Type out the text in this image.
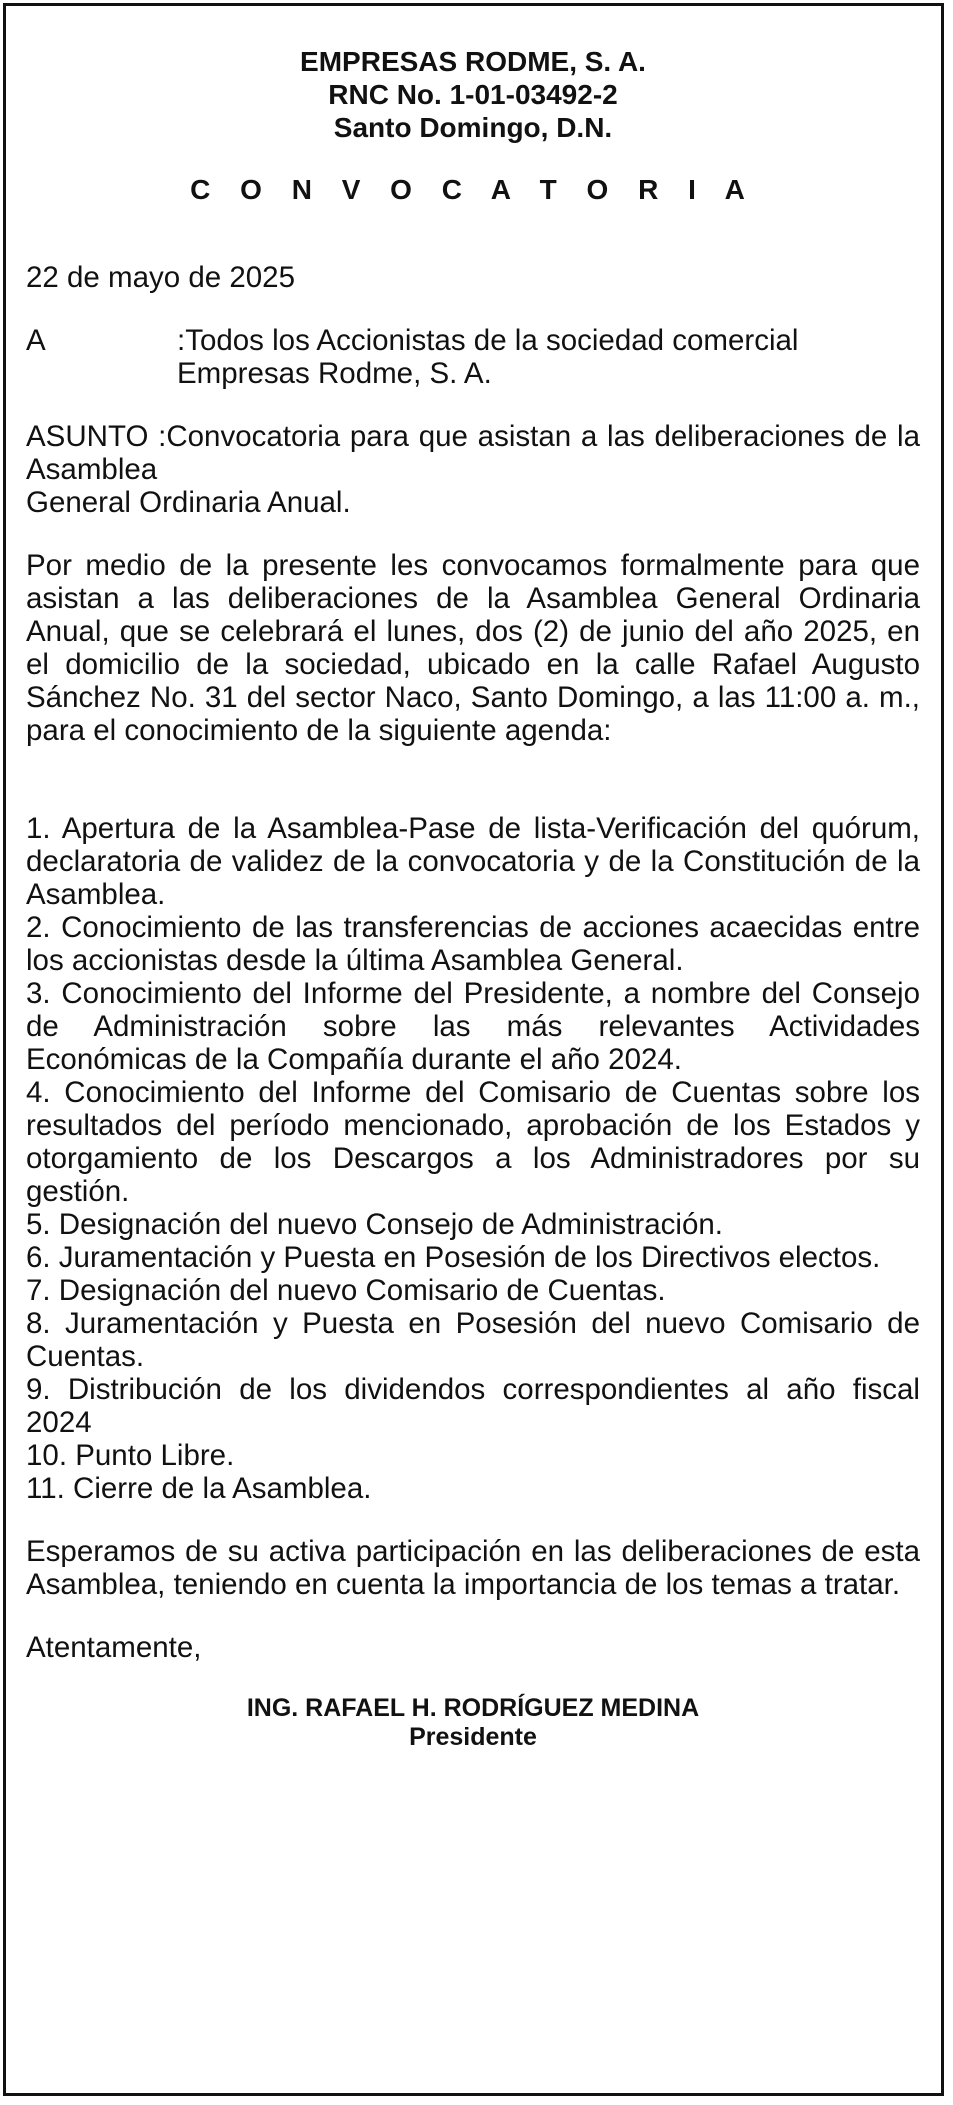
EMPRESAS RODME, S. A.
RNC No. 1-01-03492-2
Santo Domingo, D.N.
C O N V O C A T O R I A
22 de mayo de 2025
A	:Todos los Accionistas de la sociedad comercial
Empresas Rodme, S. A.
ASUNTO :Convocatoria para que asistan a las deliberaciones de la Asamblea
General Ordinaria Anual.
Por medio de la presente les convocamos formalmente para que asistan a las deliberaciones de la Asamblea General Ordinaria Anual, que se celebrará el lunes, dos (2) de junio del año 2025, en el domicilio de la sociedad, ubicado en la calle Rafael Augusto Sánchez No. 31 del sector Naco, Santo Domingo, a las 11:00 a. m., para el conocimiento de la siguiente agenda:
1. Apertura de la Asamblea-Pase de lista-Verificación del quórum, declaratoria de validez de la convocatoria y de la Constitución de la Asamblea.
2. Conocimiento de las transferencias de acciones acaecidas entre los accionistas desde la última Asamblea General.
3. Conocimiento del Informe del Presidente, a nombre del Consejo de Administración sobre las más relevantes Actividades Económicas de la Compañía durante el año 2024.
4. Conocimiento del Informe del Comisario de Cuentas sobre los resultados del período mencionado, aprobación de los Estados y otorgamiento de los Descargos a los Administradores por su gestión.
5. Designación del nuevo Consejo de Administración.
6. Juramentación y Puesta en Posesión de los Directivos electos.
7. Designación del nuevo Comisario de Cuentas.
8. Juramentación y Puesta en Posesión del nuevo Comisario de Cuentas.
9. Distribución de los dividendos correspondientes al año fiscal 2024
10. Punto Libre.
11. Cierre de la Asamblea.
Esperamos de su activa participación en las deliberaciones de esta Asamblea, teniendo en cuenta la importancia de los temas a tratar.
Atentamente,
ING. RAFAEL H. RODRÍGUEZ MEDINA
Presidente
